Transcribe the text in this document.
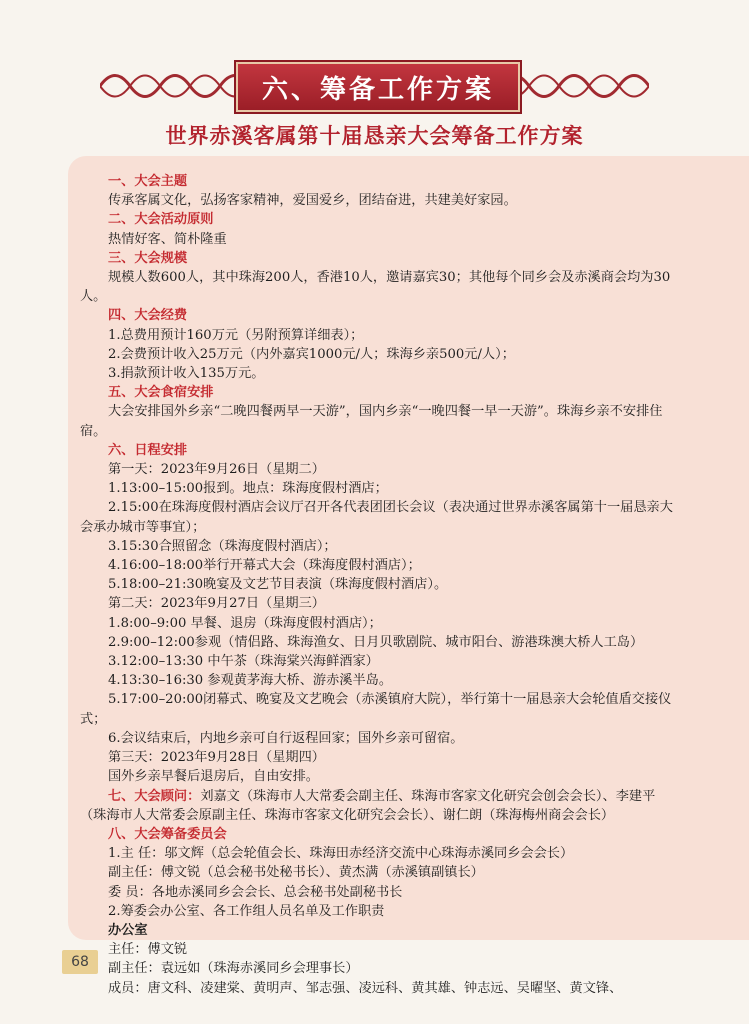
六、筹备工作方案
世界赤溪客属第十届恳亲大会筹备工作方案

一、大会主题

传承客属文化，弘扬客家精神，爱国爱乡，团结奋进，共建美好家园。

二、大会活动原则

热情好客、简朴隆重

三、大会规模

规模人数600人，其中珠海200人，香港10人，邀请嘉宾30；其他每个同乡会及赤溪商会均为30人。

四、大会经费

1.总费用预计160万元（另附预算详细表）；

2.会费预计收入25万元（内外嘉宾1000元/人；珠海乡亲500元/人）；

3.捐款预计收入135万元。

五、大会食宿安排

大会安排国外乡亲“二晚四餐两早一天游”，国内乡亲“一晚四餐一早一天游”。珠海乡亲不安排住宿。

六、日程安排

第一天：2023年9月26日（星期二）

1.13:00–15:00报到。地点：珠海度假村酒店；

2.15:00在珠海度假村酒店会议厅召开各代表团团长会议（表决通过世界赤溪客属第十一届恳亲大会承办城市等事宜）；

3.15:30合照留念（珠海度假村酒店）；

4.16:00–18:00举行开幕式大会（珠海度假村酒店）；

5.18:00–21:30晚宴及文艺节目表演（珠海度假村酒店）。

第二天：2023年9月27日（星期三）

1.8:00–9:00 早餐、退房（珠海度假村酒店）；

2.9:00–12:00参观（情侣路、珠海渔女、日月贝歌剧院、城市阳台、游港珠澳大桥人工岛）

3.12:00–13:30 中午茶（珠海棠兴海鲜酒家）

4.13:30–16:30 参观黄茅海大桥、游赤溪半岛。

5.17:00–20:00闭幕式、晚宴及文艺晚会（赤溪镇府大院），举行第十一届恳亲大会轮值盾交接仪式；

6.会议结束后，内地乡亲可自行返程回家；国外乡亲可留宿。

第三天：2023年9月28日（星期四）

国外乡亲早餐后退房后，自由安排。

七、大会顾问：刘嘉文（珠海市人大常委会副主任、珠海市客家文化研究会创会会长）、李建平（珠海市人大常委会原副主任、珠海市客家文化研究会会长）、谢仁朗（珠海梅州商会会长）

八、大会筹备委员会

1.主 任：邬文辉（总会轮值会长、珠海田赤经济交流中心珠海赤溪同乡会会长）

副主任：傅文锐（总会秘书处秘书长）、黄杰满（赤溪镇副镇长）

委 员：各地赤溪同乡会会长、总会秘书处副秘书长

2.筹委会办公室、各工作组人员名单及工作职责

办公室

主任：傅文锐

副主任：袁远如（珠海赤溪同乡会理事长）

成员：唐文科、凌建棠、黄明声、邹志强、凌远科、黄其雄、钟志远、吴曜坚、黄文锋、

68
